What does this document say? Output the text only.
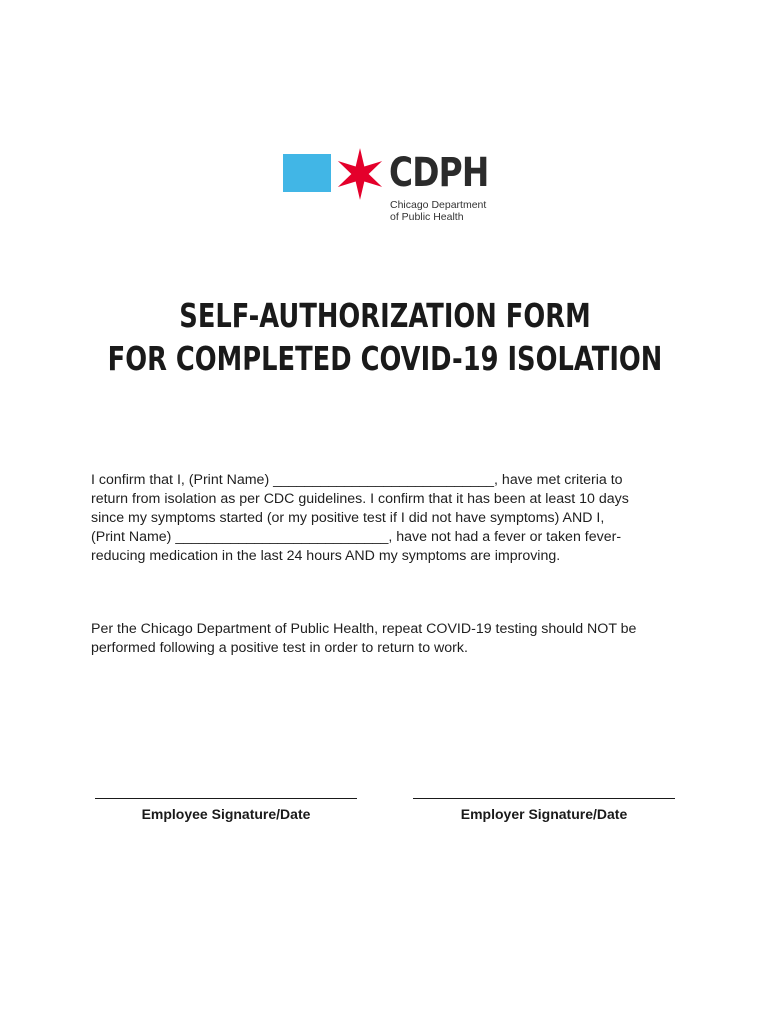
CDPH
Chicago Department
of Public Health
SELF-AUTHORIZATION FORM
FOR COMPLETED COVID-19 ISOLATION
I confirm that I, (Print Name) ____________________________, have met criteria to
return from isolation as per CDC guidelines. I confirm that it has been at least 10 days
since my symptoms started (or my positive test if I did not have symptoms) AND I,
(Print Name) ___________________________, have not had a fever or taken fever-
reducing medication in the last 24 hours AND my symptoms are improving.
Per the Chicago Department of Public Health, repeat COVID-19 testing should NOT be
performed following a positive test in order to return to work.
Employee Signature/Date	Employer Signature/Date
